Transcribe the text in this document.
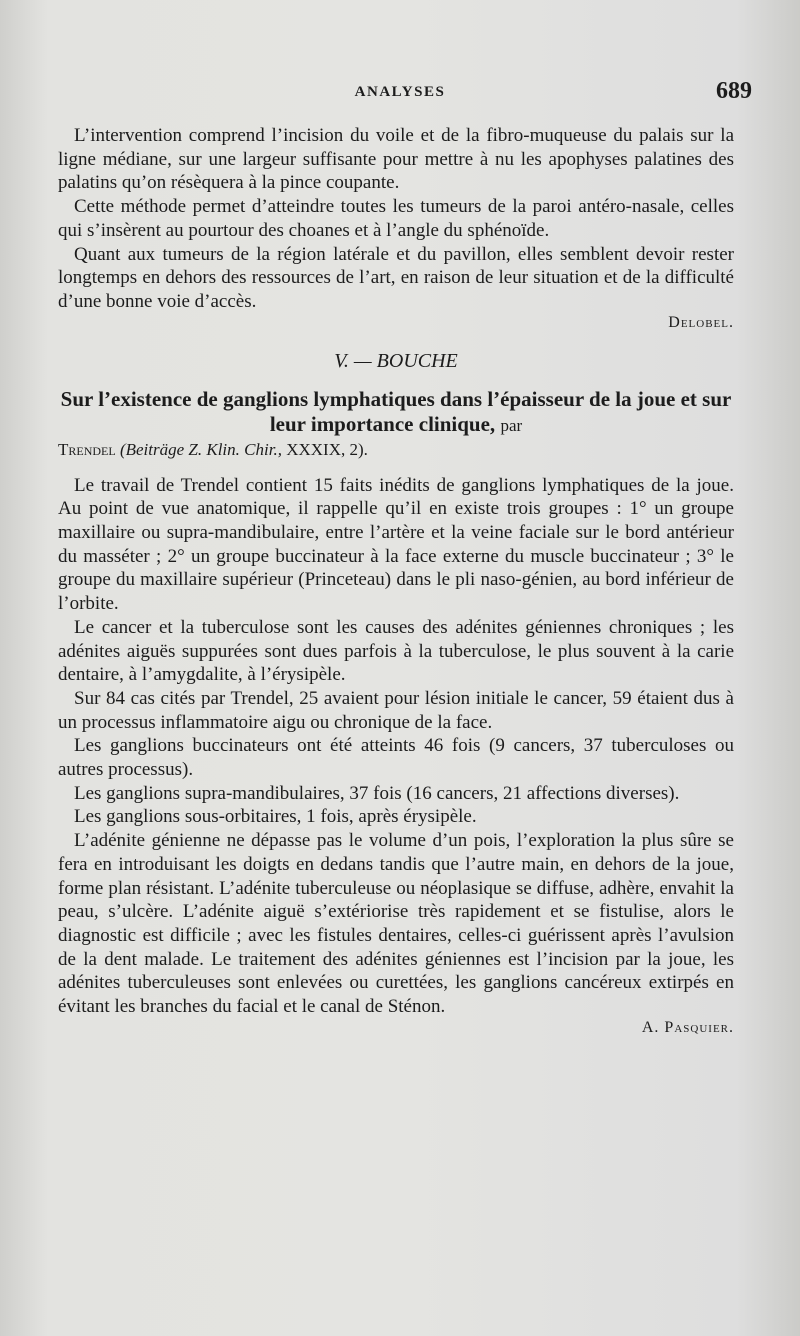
ANALYSES	689

L’intervention comprend l’incision du voile et de la fibro-muqueuse du palais sur la ligne médiane, sur une largeur suffisante pour mettre à nu les apophyses palatines des palatins qu’on résèquera à la pince coupante.

Cette méthode permet d’atteindre toutes les tumeurs de la paroi antéro-nasale, celles qui s’insèrent au pourtour des choanes et à l’angle du sphénoïde.

Quant aux tumeurs de la région latérale et du pavillon, elles semblent devoir rester longtemps en dehors des ressources de l’art, en raison de leur situation et de la difficulté d’une bonne voie d’accès.

Delobel.
V. — BOUCHE
Sur l’existence de ganglions lymphatiques dans l’épaisseur de la joue et sur leur importance clinique, par
Trendel (Beiträge Z. Klin. Chir., XXXIX, 2).

Le travail de Trendel contient 15 faits inédits de ganglions lymphatiques de la joue. Au point de vue anatomique, il rappelle qu’il en existe trois groupes : 1° un groupe maxillaire ou supra-mandibulaire, entre l’artère et la veine faciale sur le bord antérieur du masséter ; 2° un groupe buccinateur à la face externe du muscle buccinateur ; 3° le groupe du maxillaire supérieur (Princeteau) dans le pli naso-génien, au bord inférieur de l’orbite.

Le cancer et la tuberculose sont les causes des adénites géniennes chroniques ; les adénites aiguës suppurées sont dues parfois à la tuberculose, le plus souvent à la carie dentaire, à l’amygdalite, à l’érysipèle.

Sur 84 cas cités par Trendel, 25 avaient pour lésion initiale le cancer, 59 étaient dus à un processus inflammatoire aigu ou chronique de la face.

Les ganglions buccinateurs ont été atteints 46 fois (9 cancers, 37 tuberculoses ou autres processus).

Les ganglions supra-mandibulaires, 37 fois (16 cancers, 21 affections diverses).

Les ganglions sous-orbitaires, 1 fois, après érysipèle.

L’adénite génienne ne dépasse pas le volume d’un pois, l’exploration la plus sûre se fera en introduisant les doigts en dedans tandis que l’autre main, en dehors de la joue, forme plan résistant. L’adénite tuberculeuse ou néoplasique se diffuse, adhère, envahit la peau, s’ulcère. L’adénite aiguë s’extériorise très rapidement et se fistulise, alors le diagnostic est difficile ; avec les fistules dentaires, celles-ci guérissent après l’avulsion de la dent malade. Le traitement des adénites géniennes est l’incision par la joue, les adénites tuberculeuses sont enlevées ou curettées, les ganglions cancéreux extirpés en évitant les branches du facial et le canal de Sténon.

A. Pasquier.
